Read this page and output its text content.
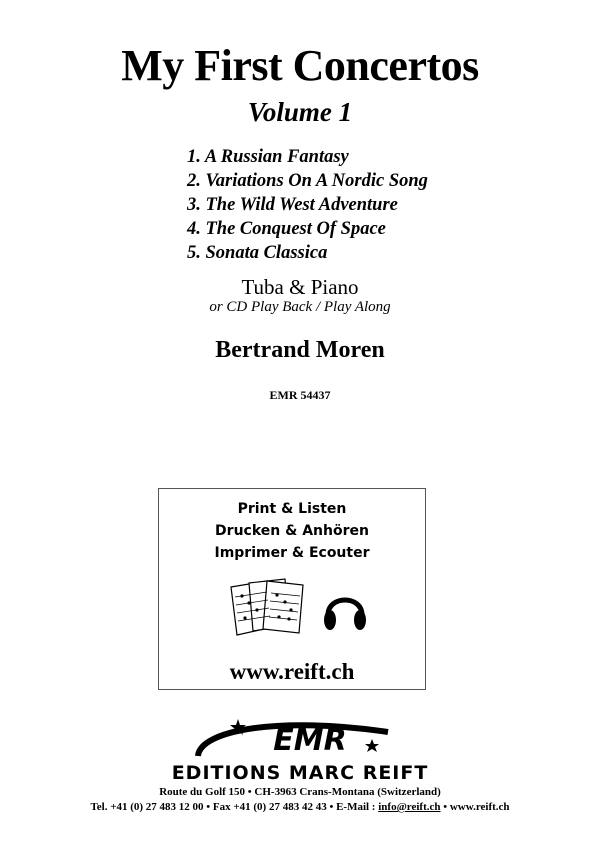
My First Concertos
Volume 1
1. A Russian Fantasy
2. Variations On A Nordic Song
3. The Wild West Adventure
4. The Conquest Of Space
5. Sonata Classica
Tuba & Piano
or CD Play Back / Play Along
Bertrand Moren
EMR 54437
Print & Listen
Drucken & Anhören
Imprimer & Ecouter
www.reift.ch
EMR
EDITIONS MARC REIFT
Route du Golf 150 • CH-3963 Crans-Montana (Switzerland)
Tel. +41 (0) 27 483 12 00 • Fax +41 (0) 27 483 42 43 • E-Mail : info@reift.ch • www.reift.ch
